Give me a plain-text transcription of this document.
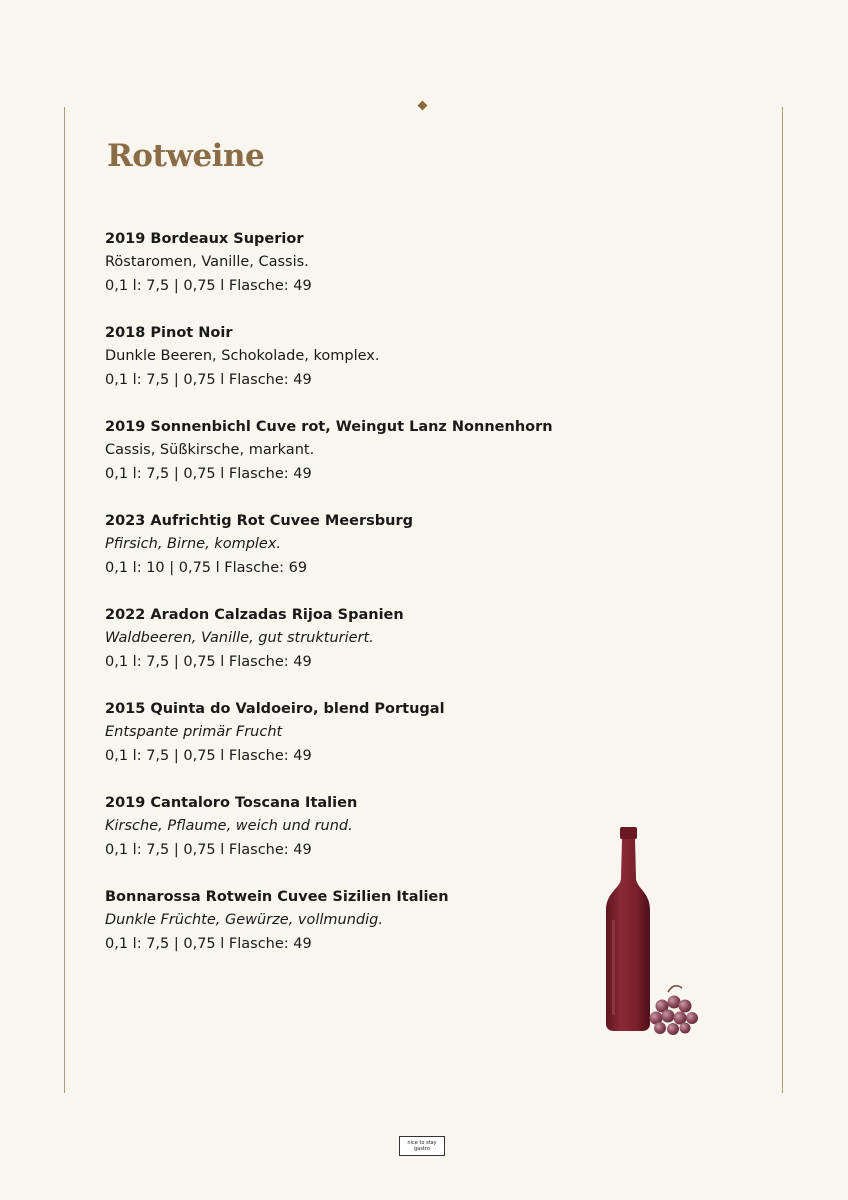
Rotweine
2019 Bordeaux Superior
Röstaromen, Vanille, Cassis.
0,1 l: 7,5 | 0,75 l Flasche: 49
2018 Pinot Noir
Dunkle Beeren, Schokolade, komplex.
0,1 l: 7,5 | 0,75 l Flasche: 49
2019 Sonnenbichl Cuve rot, Weingut Lanz Nonnenhorn
Cassis, Süßkirsche, markant.
0,1 l: 7,5 | 0,75 l Flasche: 49
2023 Aufrichtig Rot Cuvee Meersburg
Pfirsich, Birne, komplex.
0,1 l: 10 | 0,75 l Flasche: 69
2022 Aradon Calzadas Rijoa Spanien
Waldbeeren, Vanille, gut strukturiert.
0,1 l: 7,5 | 0,75 l Flasche: 49
2015 Quinta do Valdoeiro, blend Portugal
Entspante primär Frucht
0,1 l: 7,5 | 0,75 l Flasche: 49
2019 Cantaloro Toscana Italien
Kirsche, Pflaume, weich und rund.
0,1 l: 7,5 | 0,75 l Flasche: 49
Bonnarossa Rotwein Cuvee Sizilien Italien
Dunkle Früchte, Gewürze, vollmundig.
0,1 l: 7,5 | 0,75 l Flasche: 49
nice to stay
gastro
